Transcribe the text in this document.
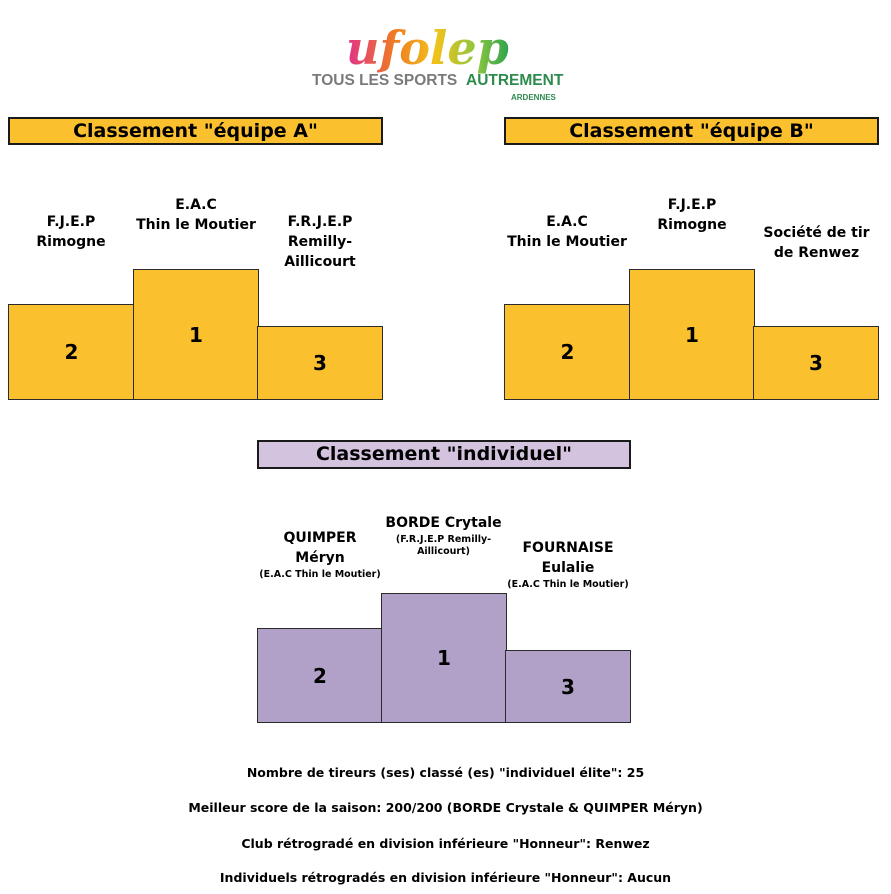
ufolep
TOUS LES SPORTS AUTREMENT
ARDENNES
Classement "équipe A"
F.J.E.P
Rimogne
E.A.C
Thin le Moutier	F.R.J.E.P
Remilly-
Aillicourt
2
1
3
Classement "équipe B"
E.A.C
Thin le Moutier
F.J.E.P
Rimogne	Société de tir
de Renwez
2
1
3
Classement "individuel"
QUIMPER
Méryn
(E.A.C Thin le Moutier)
BORDE Crytale
(F.R.J.E.P Remilly-
Aillicourt)	FOURNAISE
Eulalie
(E.A.C Thin le Moutier)
2
1
3
Nombre de tireurs (ses) classé (es) "individuel élite": 25
Meilleur score de la saison: 200/200 (BORDE Crystale & QUIMPER Méryn)
Club rétrogradé en division inférieure "Honneur": Renwez
Individuels rétrogradés en division inférieure "Honneur": Aucun
